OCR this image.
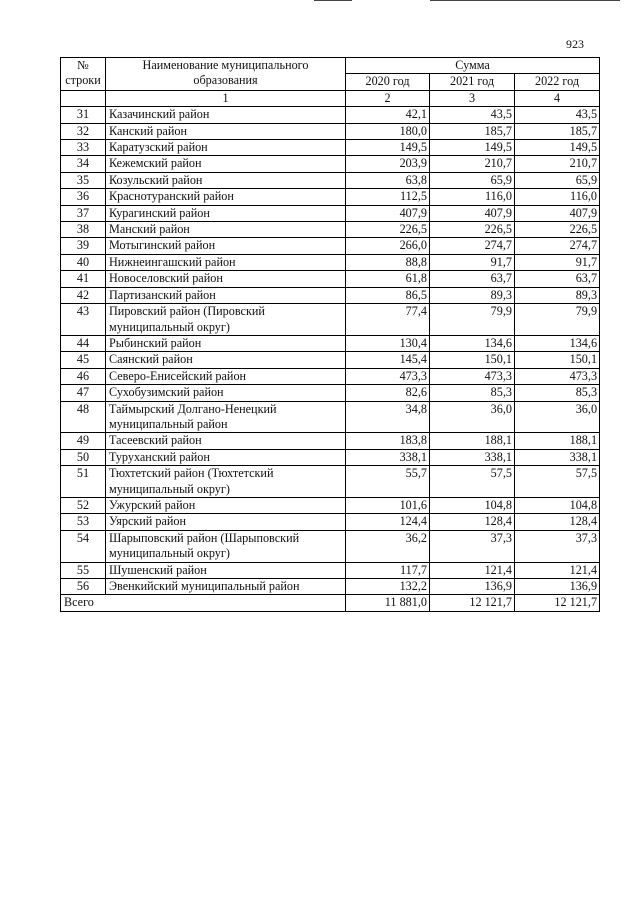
923
№ строки	Наименование муниципального образования	Сумма		
		2020 год	2021 год	2022 год
	1	2	3	4
31	Казачинский район	42,1	43,5	43,5
32	Канский район	180,0	185,7	185,7
33	Каратузский район	149,5	149,5	149,5
34	Кежемский район	203,9	210,7	210,7
35	Козульский район	63,8	65,9	65,9
36	Краснотуранский район	112,5	116,0	116,0
37	Курагинский район	407,9	407,9	407,9
38	Манский район	226,5	226,5	226,5
39	Мотыгинский район	266,0	274,7	274,7
40	Нижнеингашский район	88,8	91,7	91,7
41	Новоселовский район	61,8	63,7	63,7
42	Партизанский район	86,5	89,3	89,3
43	Пировский район (Пировский муниципальный округ)	77,4	79,9	79,9
44	Рыбинский район	130,4	134,6	134,6
45	Саянский район	145,4	150,1	150,1
46	Северо-Енисейский район	473,3	473,3	473,3
47	Сухобузимский район	82,6	85,3	85,3
48	Таймырский Долгано-Ненецкий муниципальный район	34,8	36,0	36,0
49	Тасеевский район	183,8	188,1	188,1
50	Туруханский район	338,1	338,1	338,1
51	Тюхтетский район (Тюхтетский муниципальный округ)	55,7	57,5	57,5
52	Ужурский район	101,6	104,8	104,8
53	Уярский район	124,4	128,4	128,4
54	Шарыповский район (Шарыповский муниципальный округ)	36,2	37,3	37,3
55	Шушенский район	117,7	121,4	121,4
56	Эвенкийский муниципальный район	132,2	136,9	136,9
Всего		11 881,0	12 121,7	12 121,7
